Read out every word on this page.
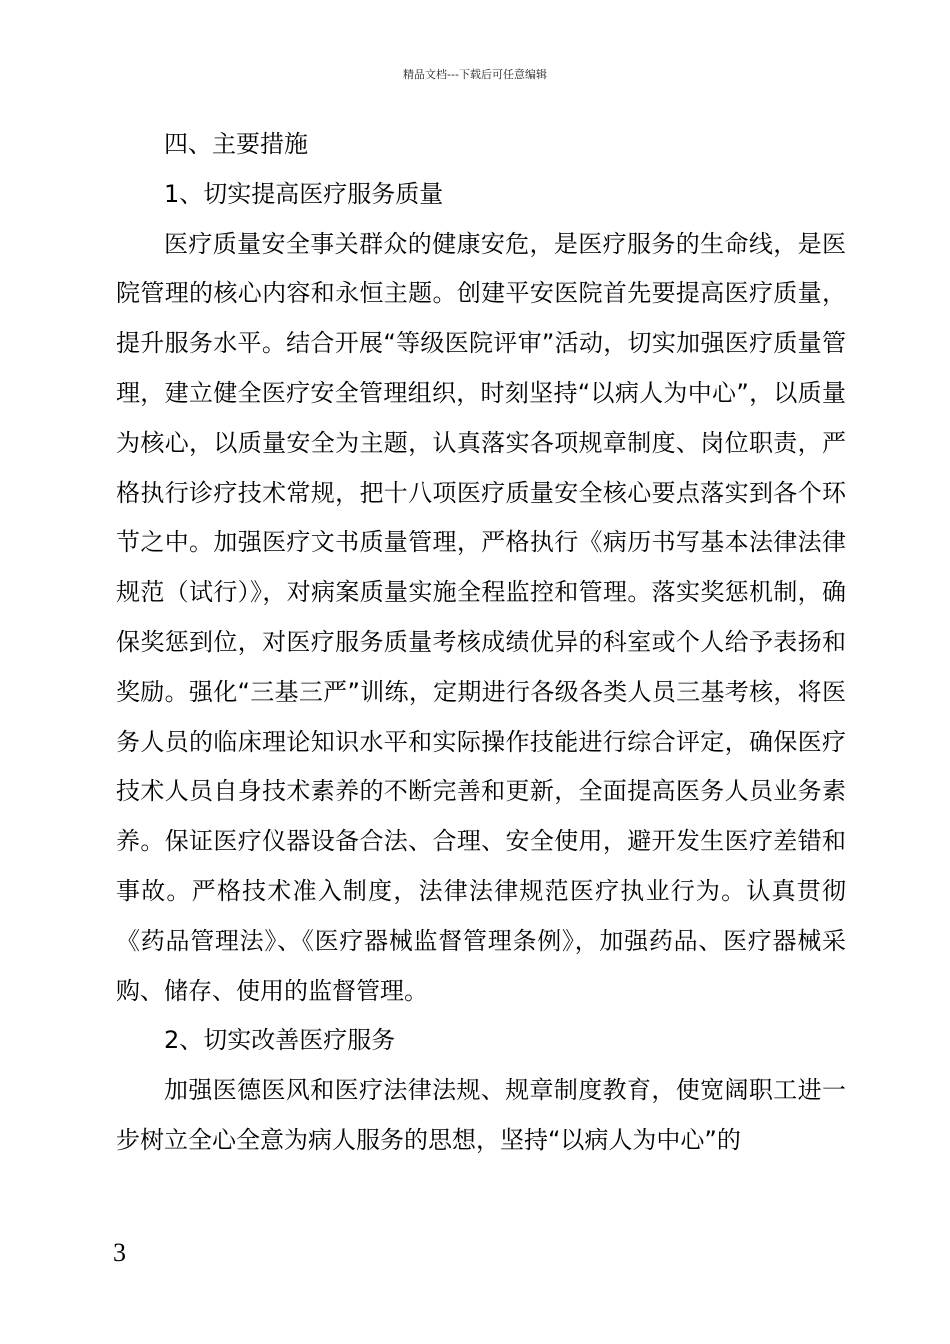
精品文档---下载后可任意编辑

四、主要措施

1、切实提高医疗服务质量

医疗质量安全事关群众的健康安危，是医疗服务的生命线，是医院管理的核心内容和永恒主题。创建平安医院首先要提高医疗质量，提升服务水平。结合开展“等级医院评审”活动，切实加强医疗质量管理，建立健全医疗安全管理组织，时刻坚持“以病人为中心”，以质量为核心，以质量安全为主题，认真落实各项规章制度、岗位职责，严格执行诊疗技术常规，把十八项医疗质量安全核心要点落实到各个环节之中。加强医疗文书质量管理，严格执行《病历书写基本法律法律规范（试行）》，对病案质量实施全程监控和管理。落实奖惩机制，确保奖惩到位，对医疗服务质量考核成绩优异的科室或个人给予表扬和奖励。强化“三基三严”训练，定期进行各级各类人员三基考核，将医务人员的临床理论知识水平和实际操作技能进行综合评定，确保医疗技术人员自身技术素养的不断完善和更新，全面提高医务人员业务素养。保证医疗仪器设备合法、合理、安全使用，避开发生医疗差错和事故。严格技术准入制度，法律法律规范医疗执业行为。认真贯彻《药品管理法》、《医疗器械监督管理条例》，加强药品、医疗器械采购、储存、使用的监督管理。

2、切实改善医疗服务

加强医德医风和医疗法律法规、规章制度教育，使宽阔职工进一步树立全心全意为病人服务的思想，坚持“以病人为中心”的

3
